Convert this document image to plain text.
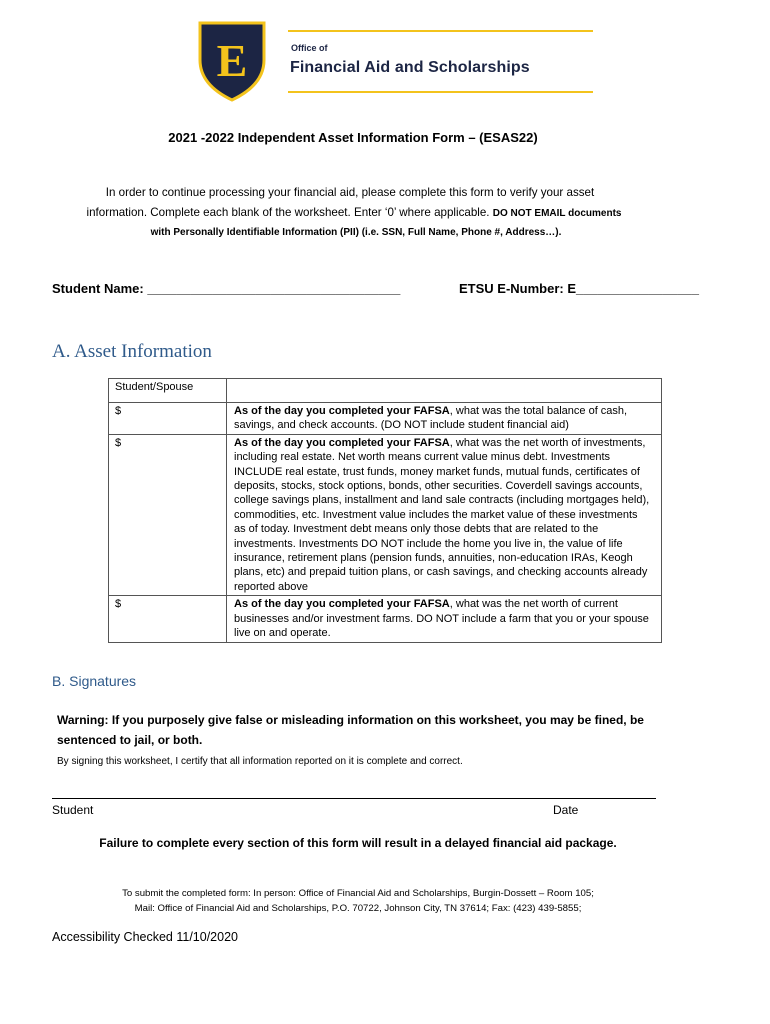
E	Office of
Financial Aid and Scholarships
2021 -2022 Independent Asset Information Form – (ESAS22)
In order to continue processing your financial aid, please complete this form to verify your asset
information. Complete each blank of the worksheet. Enter ‘0’ where applicable. DO NOT EMAIL documents
with Personally Identifiable Information (PII) (i.e. SSN, Full Name, Phone #, Address…).
Student Name: ___________________________________	ETSU E-Number: E_________________
A. Asset Information
Student/Spouse	
$	As of the day you completed your FAFSA, what was the total balance of cash, savings, and check accounts. (DO NOT include student financial aid)
$	As of the day you completed your FAFSA, what was the net worth of investments, including real estate. Net worth means current value minus debt. Investments INCLUDE real estate, trust funds, money market funds, mutual funds, certificates of deposits, stocks, stock options, bonds, other securities. Coverdell savings accounts, college savings plans, installment and land sale contracts (including mortgages held), commodities, etc. Investment value includes the market value of these investments as of today. Investment debt means only those debts that are related to the investments. Investments DO NOT include the home you live in, the value of life insurance, retirement plans (pension funds, annuities, non-education IRAs, Keogh plans, etc) and prepaid tuition plans, or cash savings, and checking accounts already reported above
$	As of the day you completed your FAFSA, what was the net worth of current businesses and/or investment farms. DO NOT include a farm that you or your spouse live on and operate.
B. Signatures
Warning: If you purposely give false or misleading information on this worksheet, you may be fined, be sentenced to jail, or both.
By signing this worksheet, I certify that all information reported on it is complete and correct.
Student	Date
Failure to complete every section of this form will result in a delayed financial aid package.
To submit the completed form: In person: Office of Financial Aid and Scholarships, Burgin-Dossett – Room 105;
Mail: Office of Financial Aid and Scholarships, P.O. 70722, Johnson City, TN 37614; Fax: (423) 439-5855;
Accessibility Checked 11/10/2020
